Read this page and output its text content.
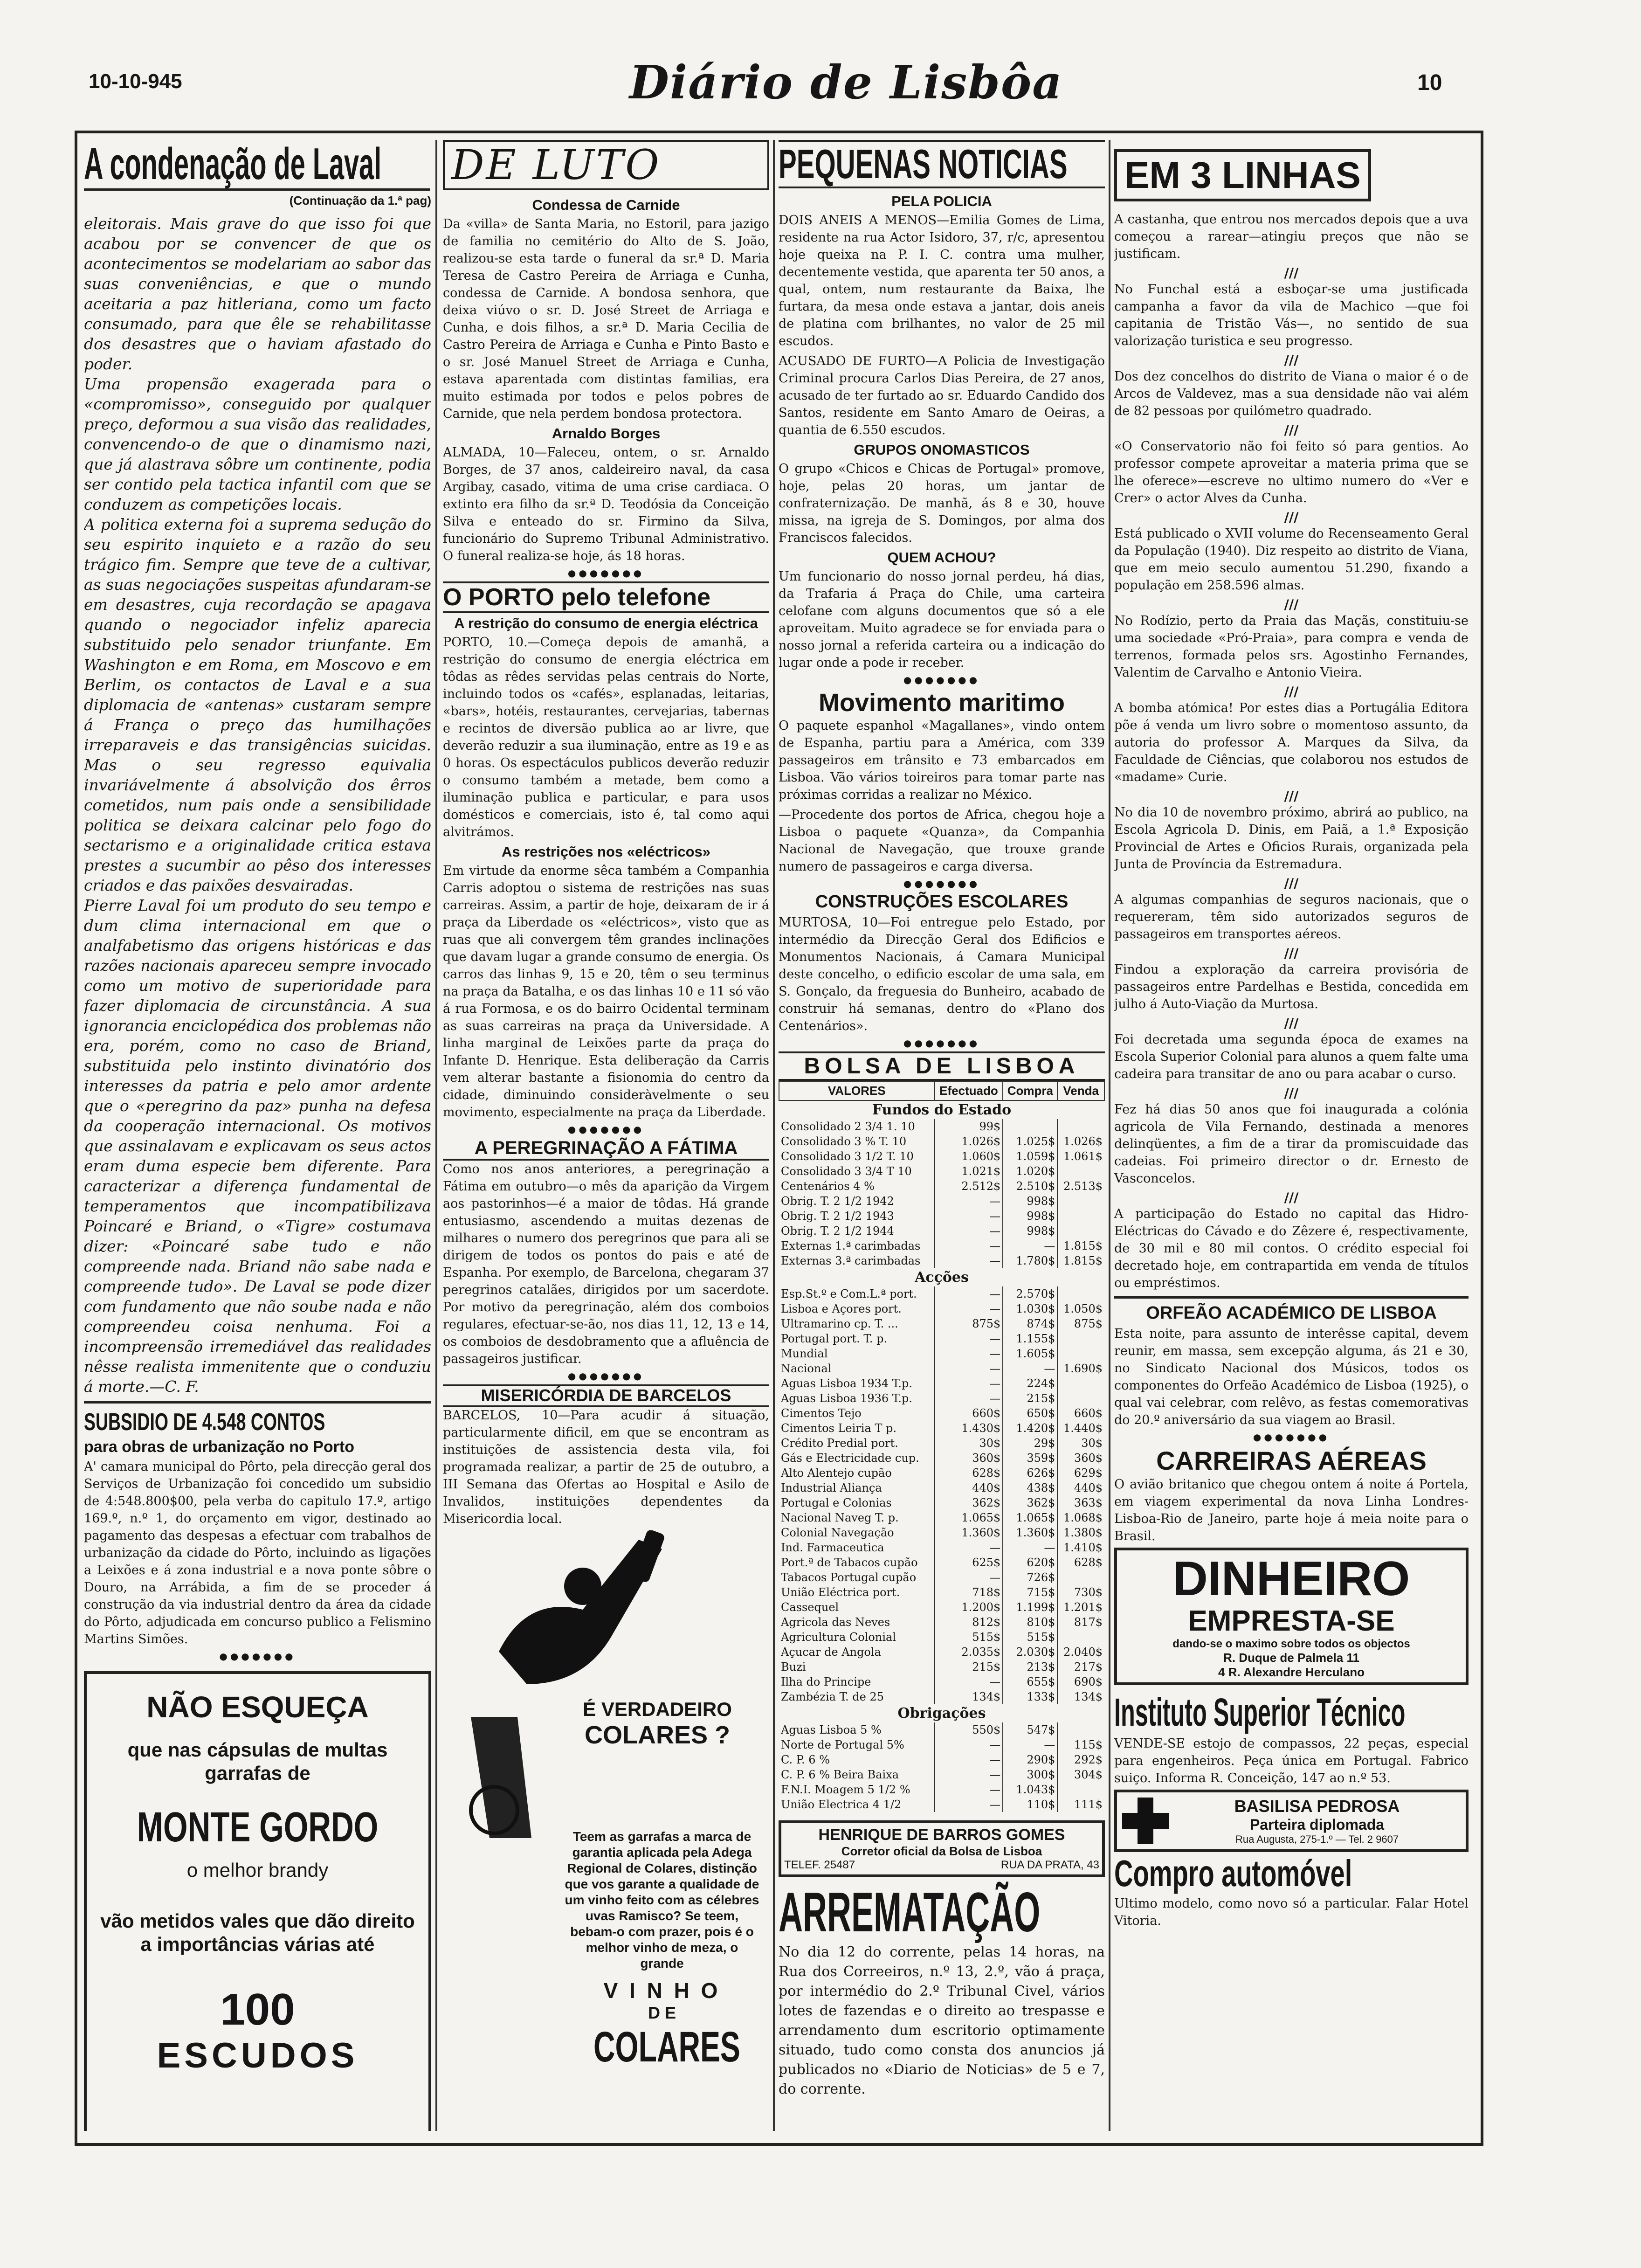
10-10-945	Diário de Lisbôa	10
A condenação de Laval
(Continuação da 1.ª pag)

eleitorais. Mais grave do que isso foi que acabou por se convencer de que os acontecimentos se modelariam ao sabor das suas conveniências, e que o mundo aceitaria a paz hitleriana, como um facto consumado, para que êle se rehabilitasse dos desastres que o haviam afastado do poder.

Uma propensão exagerada para o «compromisso», conseguido por qualquer preço, deformou a sua visão das realidades, convencendo-o de que o dinamismo nazi, que já alastrava sôbre um continente, podia ser contido pela tactica infantil com que se conduzem as competições locais.

A politica externa foi a suprema sedução do seu espirito inquieto e a razão do seu trágico fim. Sempre que teve de a cultivar, as suas negociações suspeitas afundaram-se em desastres, cuja recordação se apagava quando o negociador infeliz aparecia substituido pelo senador triunfante. Em Washington e em Roma, em Moscovo e em Berlim, os contactos de Laval e a sua diplomacia de «antenas» custaram sempre á França o preço das humilhações irreparaveis e das transigências suicidas. Mas o seu regresso equivalia invariávelmente á absolvição dos êrros cometidos, num pais onde a sensibilidade politica se deixara calcinar pelo fogo do sectarismo e a originalidade critica estava prestes a sucumbir ao pêso dos interesses criados e das paixões desvairadas.

Pierre Laval foi um produto do seu tempo e dum clima internacional em que o analfabetismo das origens históricas e das razões nacionais apareceu sempre invocado como um motivo de superioridade para fazer diplomacia de circunstância. A sua ignorancia enciclopédica dos problemas não era, porém, como no caso de Briand, substituida pelo instinto divinatório dos interesses da patria e pelo amor ardente que o «peregrino da paz» punha na defesa da cooperação internacional. Os motivos que assinalavam e explicavam os seus actos eram duma especie bem diferente. Para caracterizar a diferença fundamental de temperamentos que incompatibilizava Poincaré e Briand, o «Tigre» costumava dizer: «Poincaré sabe tudo e não compreende nada. Briand não sabe nada e compreende tudo». De Laval se pode dizer com fundamento que não soube nada e não compreendeu coisa nenhuma. Foi a incompreensão irremediável das realidades nêsse realista immenitente que o conduziu á morte.—C. F.

SUBSIDIO DE 4.548 CONTOS
para obras de urbanização no Porto

A' camara municipal do Pôrto, pela direcção geral dos Serviços de Urbanização foi concedido um subsidio de 4:548.800$00, pela verba do capitulo 17.º, artigo 169.º, n.º 1, do orçamento em vigor, destinado ao pagamento das despesas a efectuar com trabalhos de urbanização da cidade do Pôrto, incluindo as ligações a Leixões e á zona industrial e a nova ponte sôbre o Douro, na Arrábida, a fim de se proceder á construção da via industrial dentro da área da cidade do Pôrto, adjudicada em concurso publico a Felismino Martins Simões.

●●●●●●●
NÃO ESQUEÇA
que nas cápsulas de multas garrafas de
MONTE GORDO
o melhor brandy
vão metidos vales que dão direito a importâncias várias até
100
ESCUDOS
DE LUTO
Condessa de Carnide

Da «villa» de Santa Maria, no Estoril, para jazigo de familia no cemitério do Alto de S. João, realizou-se esta tarde o funeral da sr.ª D. Maria Teresa de Castro Pereira de Arriaga e Cunha, condessa de Carnide. A bondosa senhora, que deixa viúvo o sr. D. José Street de Arriaga e Cunha, e dois filhos, a sr.ª D. Maria Cecilia de Castro Pereira de Arriaga e Cunha e Pinto Basto e o sr. José Manuel Street de Arriaga e Cunha, estava aparentada com distintas familias, era muito estimada por todos e pelos pobres de Carnide, que nela perdem bondosa protectora.

Arnaldo Borges

ALMADA, 10—Faleceu, ontem, o sr. Arnaldo Borges, de 37 anos, caldeireiro naval, da casa Argibay, casado, vitima de uma crise cardiaca. O extinto era filho da sr.ª D. Teodósia da Conceição Silva e enteado do sr. Firmino da Silva, funcionário do Supremo Tribunal Administrativo. O funeral realiza-se hoje, ás 18 horas.

●●●●●●●
O PORTO pelo telefone
A restrição do consumo de energia eléctrica

PORTO, 10.—Começa depois de amanhã, a restrição do consumo de energia eléctrica em tôdas as rêdes servidas pelas centrais do Norte, incluindo todos os «cafés», esplanadas, leitarias, «bars», hotéis, restaurantes, cervejarias, tabernas e recintos de diversão publica ao ar livre, que deverão reduzir a sua iluminação, entre as 19 e as 0 horas. Os espectáculos publicos deverão reduzir o consumo também a metade, bem como a iluminação publica e particular, e para usos domésticos e comerciais, isto é, tal como aqui alvitrámos.

As restrições nos «eléctricos»

Em virtude da enorme sêca também a Companhia Carris adoptou o sistema de restrições nas suas carreiras. Assim, a partir de hoje, deixaram de ir á praça da Liberdade os «eléctricos», visto que as ruas que ali convergem têm grandes inclinações que davam lugar a grande consumo de energia. Os carros das linhas 9, 15 e 20, têm o seu terminus na praça da Batalha, e os das linhas 10 e 11 só vão á rua Formosa, e os do bairro Ocidental terminam as suas carreiras na praça da Universidade. A linha marginal de Leixões parte da praça do Infante D. Henrique. Esta deliberação da Carris vem alterar bastante a fisionomia do centro da cidade, diminuindo consideràvelmente o seu movimento, especialmente na praça da Liberdade.

●●●●●●●
A PEREGRINAÇÃO A FÁTIMA

Como nos anos anteriores, a peregrinação a Fátima em outubro—o mês da aparição da Virgem aos pastorinhos—é a maior de tôdas. Há grande entusiasmo, ascendendo a muitas dezenas de milhares o numero dos peregrinos que para ali se dirigem de todos os pontos do pais e até de Espanha. Por exemplo, de Barcelona, chegaram 37 peregrinos catalães, dirigidos por um sacerdote. Por motivo da peregrinação, além dos comboios regulares, efectuar-se-ão, nos dias 11, 12, 13 e 14, os comboios de desdobramento que a afluência de passageiros justificar.

●●●●●●●
MISERICÓRDIA DE BARCELOS

BARCELOS, 10—Para acudir á situação, particularmente dificil, em que se encontram as instituições de assistencia desta vila, foi programada realizar, a partir de 25 de outubro, a III Semana das Ofertas ao Hospital e Asilo de Invalidos, instituições dependentes da Misericordia local.

É VERDADEIRO
COLARES ?
Teem as garrafas a marca de garantia aplicada pela Adega Regional de Colares, distinção que vos garante a qualidade de um vinho feito com as célebres uvas Ramisco? Se teem, bebam-o com prazer, pois é o melhor vinho de meza, o grande
V I N H O
D E
COLARES
PEQUENAS NOTICIAS
PELA POLICIA

DOIS ANEIS A MENOS—Emilia Gomes de Lima, residente na rua Actor Isidoro, 37, r/c, apresentou hoje queixa na P. I. C. contra uma mulher, decentemente vestida, que aparenta ter 50 anos, a qual, ontem, num restaurante da Baixa, lhe furtara, da mesa onde estava a jantar, dois aneis de platina com brilhantes, no valor de 25 mil escudos.

ACUSADO DE FURTO—A Policia de Investigação Criminal procura Carlos Dias Pereira, de 27 anos, acusado de ter furtado ao sr. Eduardo Candido dos Santos, residente em Santo Amaro de Oeiras, a quantia de 6.550 escudos.

GRUPOS ONOMASTICOS

O grupo «Chicos e Chicas de Portugal» promove, hoje, pelas 20 horas, um jantar de confraternização. De manhã, ás 8 e 30, houve missa, na igreja de S. Domingos, por alma dos Franciscos falecidos.

QUEM ACHOU?

Um funcionario do nosso jornal perdeu, há dias, da Trafaria á Praça do Chile, uma carteira celofane com alguns documentos que só a ele aproveitam. Muito agradece se for enviada para o nosso jornal a referida carteira ou a indicação do lugar onde a pode ir receber.

●●●●●●●
Movimento maritimo

O paquete espanhol «Magallanes», vindo ontem de Espanha, partiu para a América, com 339 passageiros em trânsito e 73 embarcados em Lisboa. Vão vários toireiros para tomar parte nas próximas corridas a realizar no México.

—Procedente dos portos de Africa, chegou hoje a Lisboa o paquete «Quanza», da Companhia Nacional de Navegação, que trouxe grande numero de passageiros e carga diversa.

●●●●●●●
CONSTRUÇÕES ESCOLARES

MURTOSA, 10—Foi entregue pelo Estado, por intermédio da Direcção Geral dos Edificios e Monumentos Nacionais, á Camara Municipal deste concelho, o edificio escolar de uma sala, em S. Gonçalo, da freguesia do Bunheiro, acabado de construir há semanas, dentro do «Plano dos Centenários».

●●●●●●●
BOLSA DE LISBOA
VALORES	Efectuado	Compra	Venda
Fundos do Estado			
Consolidado 2 3/4 1. 10	99$		
Consolidado 3 % T. 10	1.026$	1.025$	1.026$
Consolidado 3 1/2 T. 10	1.060$	1.059$	1.061$
Consolidado 3 3/4 T 10	1.021$	1.020$	
Centenários 4 %	2.512$	2.510$	2.513$
Obrig. T. 2 1/2 1942	—	998$	
Obrig. T. 2 1/2 1943	—	998$	
Obrig. T. 2 1/2 1944	—	998$	
Externas 1.ª carimbadas	—	—	1.815$
Externas 3.ª carimbadas	—	1.780$	1.815$
Acções			
Esp.St.º e Com.L.ª port.	—	2.570$	
Lisboa e Açores port.	—	1.030$	1.050$
Ultramarino cp. T. ...	875$	874$	875$
Portugal port. T. p.	—	1.155$	
Mundial	—	1.605$	
Nacional	—	—	1.690$
Aguas Lisboa 1934 T.p.	—	224$	
Aguas Lisboa 1936 T.p.	—	215$	
Cimentos Tejo	660$	650$	660$
Cimentos Leiria T p.	1.430$	1.420$	1.440$
Crédito Predial port.	30$	29$	30$
Gás e Electricidade cup.	360$	359$	360$
Alto Alentejo cupão	628$	626$	629$
Industrial Aliança	440$	438$	440$
Portugal e Colonias	362$	362$	363$
Nacional Naveg T. p.	1.065$	1.065$	1.068$
Colonial Navegação	1.360$	1.360$	1.380$
Ind. Farmaceutica	—	—	1.410$
Port.ª de Tabacos cupão	625$	620$	628$
Tabacos Portugal cupão	—	726$	
União Eléctrica port.	718$	715$	730$
Cassequel	1.200$	1.199$	1.201$
Agricola das Neves	812$	810$	817$
Agricultura Colonial	515$	515$	
Açucar de Angola	2.035$	2.030$	2.040$
Buzi	215$	213$	217$
Ilha do Principe	—	655$	690$
Zambézia T. de 25	134$	133$	134$
Obrigações			
Aguas Lisboa 5 %	550$	547$	
Norte de Portugal 5%	—	—	115$
C. P. 6 %	—	290$	292$
C. P. 6 % Beira Baixa	—	300$	304$
F.N.I. Moagem 5 1/2 %	—	1.043$	
União Electrica 4 1/2	—	110$	111$
HENRIQUE DE BARROS GOMES
Corretor oficial da Bolsa de Lisboa
TELEF. 25487	RUA DA PRATA, 43
ARREMATAÇÃO

No dia 12 do corrente, pelas 14 horas, na Rua dos Correeiros, n.º 13, 2.º, vão á praça, por intermédio do 2.º Tribunal Civel, vários lotes de fazendas e o direito ao trespasse e arrendamento dum escritorio optimamente situado, tudo como consta dos anuncios já publicados no «Diario de Noticias» de 5 e 7, do corrente.

EM 3 LINHAS

A castanha, que entrou nos mercados depois que a uva começou a rarear—atingiu preços que não se justificam.

///

No Funchal está a esboçar-se uma justificada campanha a favor da vila de Machico —que foi capitania de Tristão Vás—, no sentido de sua valorização turistica e seu progresso.

///

Dos dez concelhos do distrito de Viana o maior é o de Arcos de Valdevez, mas a sua densidade não vai além de 82 pessoas por quilómetro quadrado.

///

«O Conservatorio não foi feito só para gentios. Ao professor compete aproveitar a materia prima que se lhe oferece»—escreve no ultimo numero do «Ver e Crer» o actor Alves da Cunha.

///

Está publicado o XVII volume do Recenseamento Geral da População (1940). Diz respeito ao distrito de Viana, que em meio seculo aumentou 51.290, fixando a população em 258.596 almas.

///

No Rodízio, perto da Praia das Maçãs, constituiu-se uma sociedade «Pró-Praia», para compra e venda de terrenos, formada pelos srs. Agostinho Fernandes, Valentim de Carvalho e Antonio Vieira.

///

A bomba atómica! Por estes dias a Portugália Editora põe á venda um livro sobre o momentoso assunto, da autoria do professor A. Marques da Silva, da Faculdade de Ciências, que colaborou nos estudos de «madame» Curie.

///

No dia 10 de novembro próximo, abrirá ao publico, na Escola Agricola D. Dinis, em Paiã, a 1.ª Exposição Provincial de Artes e Oficios Rurais, organizada pela Junta de Província da Estremadura.

///

A algumas companhias de seguros nacionais, que o requereram, têm sido autorizados seguros de passageiros em transportes aéreos.

///

Findou a exploração da carreira provisória de passageiros entre Pardelhas e Bestida, concedida em julho á Auto-Viação da Murtosa.

///

Foi decretada uma segunda época de exames na Escola Superior Colonial para alunos a quem falte uma cadeira para transitar de ano ou para acabar o curso.

///

Fez há dias 50 anos que foi inaugurada a colónia agricola de Vila Fernando, destinada a menores delinqüentes, a fim de a tirar da promiscuidade das cadeias. Foi primeiro director o dr. Ernesto de Vasconcelos.

///

A participação do Estado no capital das Hidro-Eléctricas do Cávado e do Zêzere é, respectivamente, de 30 mil e 80 mil contos. O crédito especial foi decretado hoje, em contrapartida em venda de títulos ou empréstimos.

ORFEÃO ACADÉMICO DE LISBOA

Esta noite, para assunto de interêsse capital, devem reunir, em massa, sem excepção alguma, ás 21 e 30, no Sindicato Nacional dos Músicos, todos os componentes do Orfeão Académico de Lisboa (1925), o qual vai celebrar, com relêvo, as festas comemorativas do 20.º aniversário da sua viagem ao Brasil.

●●●●●●●
CARREIRAS AÉREAS

O avião britanico que chegou ontem á noite á Portela, em viagem experimental da nova Linha Londres-Lisboa-Rio de Janeiro, parte hoje á meia noite para o Brasil.

DINHEIRO
EMPRESTA-SE
dando-se o maximo sobre todos os objectos
R. Duque de Palmela 11
4 R. Alexandre Herculano
Instituto Superior Técnico

VENDE-SE estojo de compassos, 22 peças, especial para engenheiros. Peça única em Portugal. Fabrico suiço. Informa R. Conceição, 147 ao n.º 53.

BASILISA PEDROSA
Parteira diplomada
Rua Augusta, 275-1.º — Tel. 2 9607
Compro automóvel

Ultimo modelo, como novo só a particular. Falar Hotel Vitoria.
